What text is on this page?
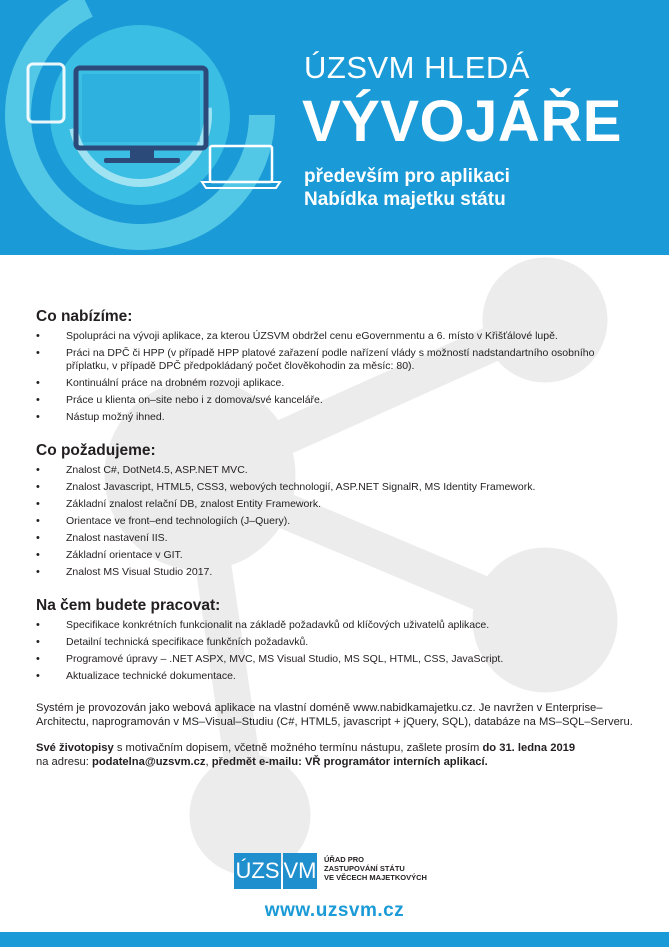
ÚZSVM HLEDÁ
VÝVOJÁŘE
především pro aplikaci
Nabídka majetku státu
Co nabízíme:
• Spolupráci na vývoji aplikace, za kterou ÚZSVM obdržel cenu eGovernmentu a 6. místo v Křišťálové lupě.
• Práci na DPČ či HPP (v případě HPP platové zařazení podle nařízení vlády s možností nadstandartního osobního příplatku, v případě DPČ předpokládaný počet člověkohodin za měsíc: 80).
• Kontinuální práce na drobném rozvoji aplikace.
• Práce u klienta on–site nebo i z domova/své kanceláře.
• Nástup možný ihned.
Co požadujeme:
• Znalost C#, DotNet4.5, ASP.NET MVC.
• Znalost Javascript, HTML5, CSS3, webových technologií, ASP.NET SignalR, MS Identity Framework.
• Základní znalost relační DB, znalost Entity Framework.
• Orientace ve front–end technologiích (J–Query).
• Znalost nastavení IIS.
• Základní orientace v GIT.
• Znalost MS Visual Studio 2017.
Na čem budete pracovat:
• Specifikace konkrétních funkcionalit na základě požadavků od klíčových uživatelů aplikace.
• Detailní technická specifikace funkčních požadavků.
• Programové úpravy – .NET ASPX, MVC, MS Visual Studio, MS SQL, HTML, CSS, JavaScript.
• Aktualizace technické dokumentace.

Systém je provozován jako webová aplikace na vlastní doméně www.nabidkamajetku.cz. Je navržen v Enterprise–Architectu, naprogramován v MS–Visual–Studiu (C#, HTML5, javascript + jQuery, SQL), databáze na MS–SQL–Serveru.

Své životopisy s motivačním dopisem, včetně možného termínu nástupu, zašlete prosím do 31. ledna 2019
na adresu: podatelna@uzsvm.cz, předmět e-mailu: VŘ programátor interních aplikací.

ÚZS VM ÚŘAD PRO
ZASTUPOVÁNÍ STÁTU
VE VĚCECH MAJETKOVÝCH
www.uzsvm.cz
